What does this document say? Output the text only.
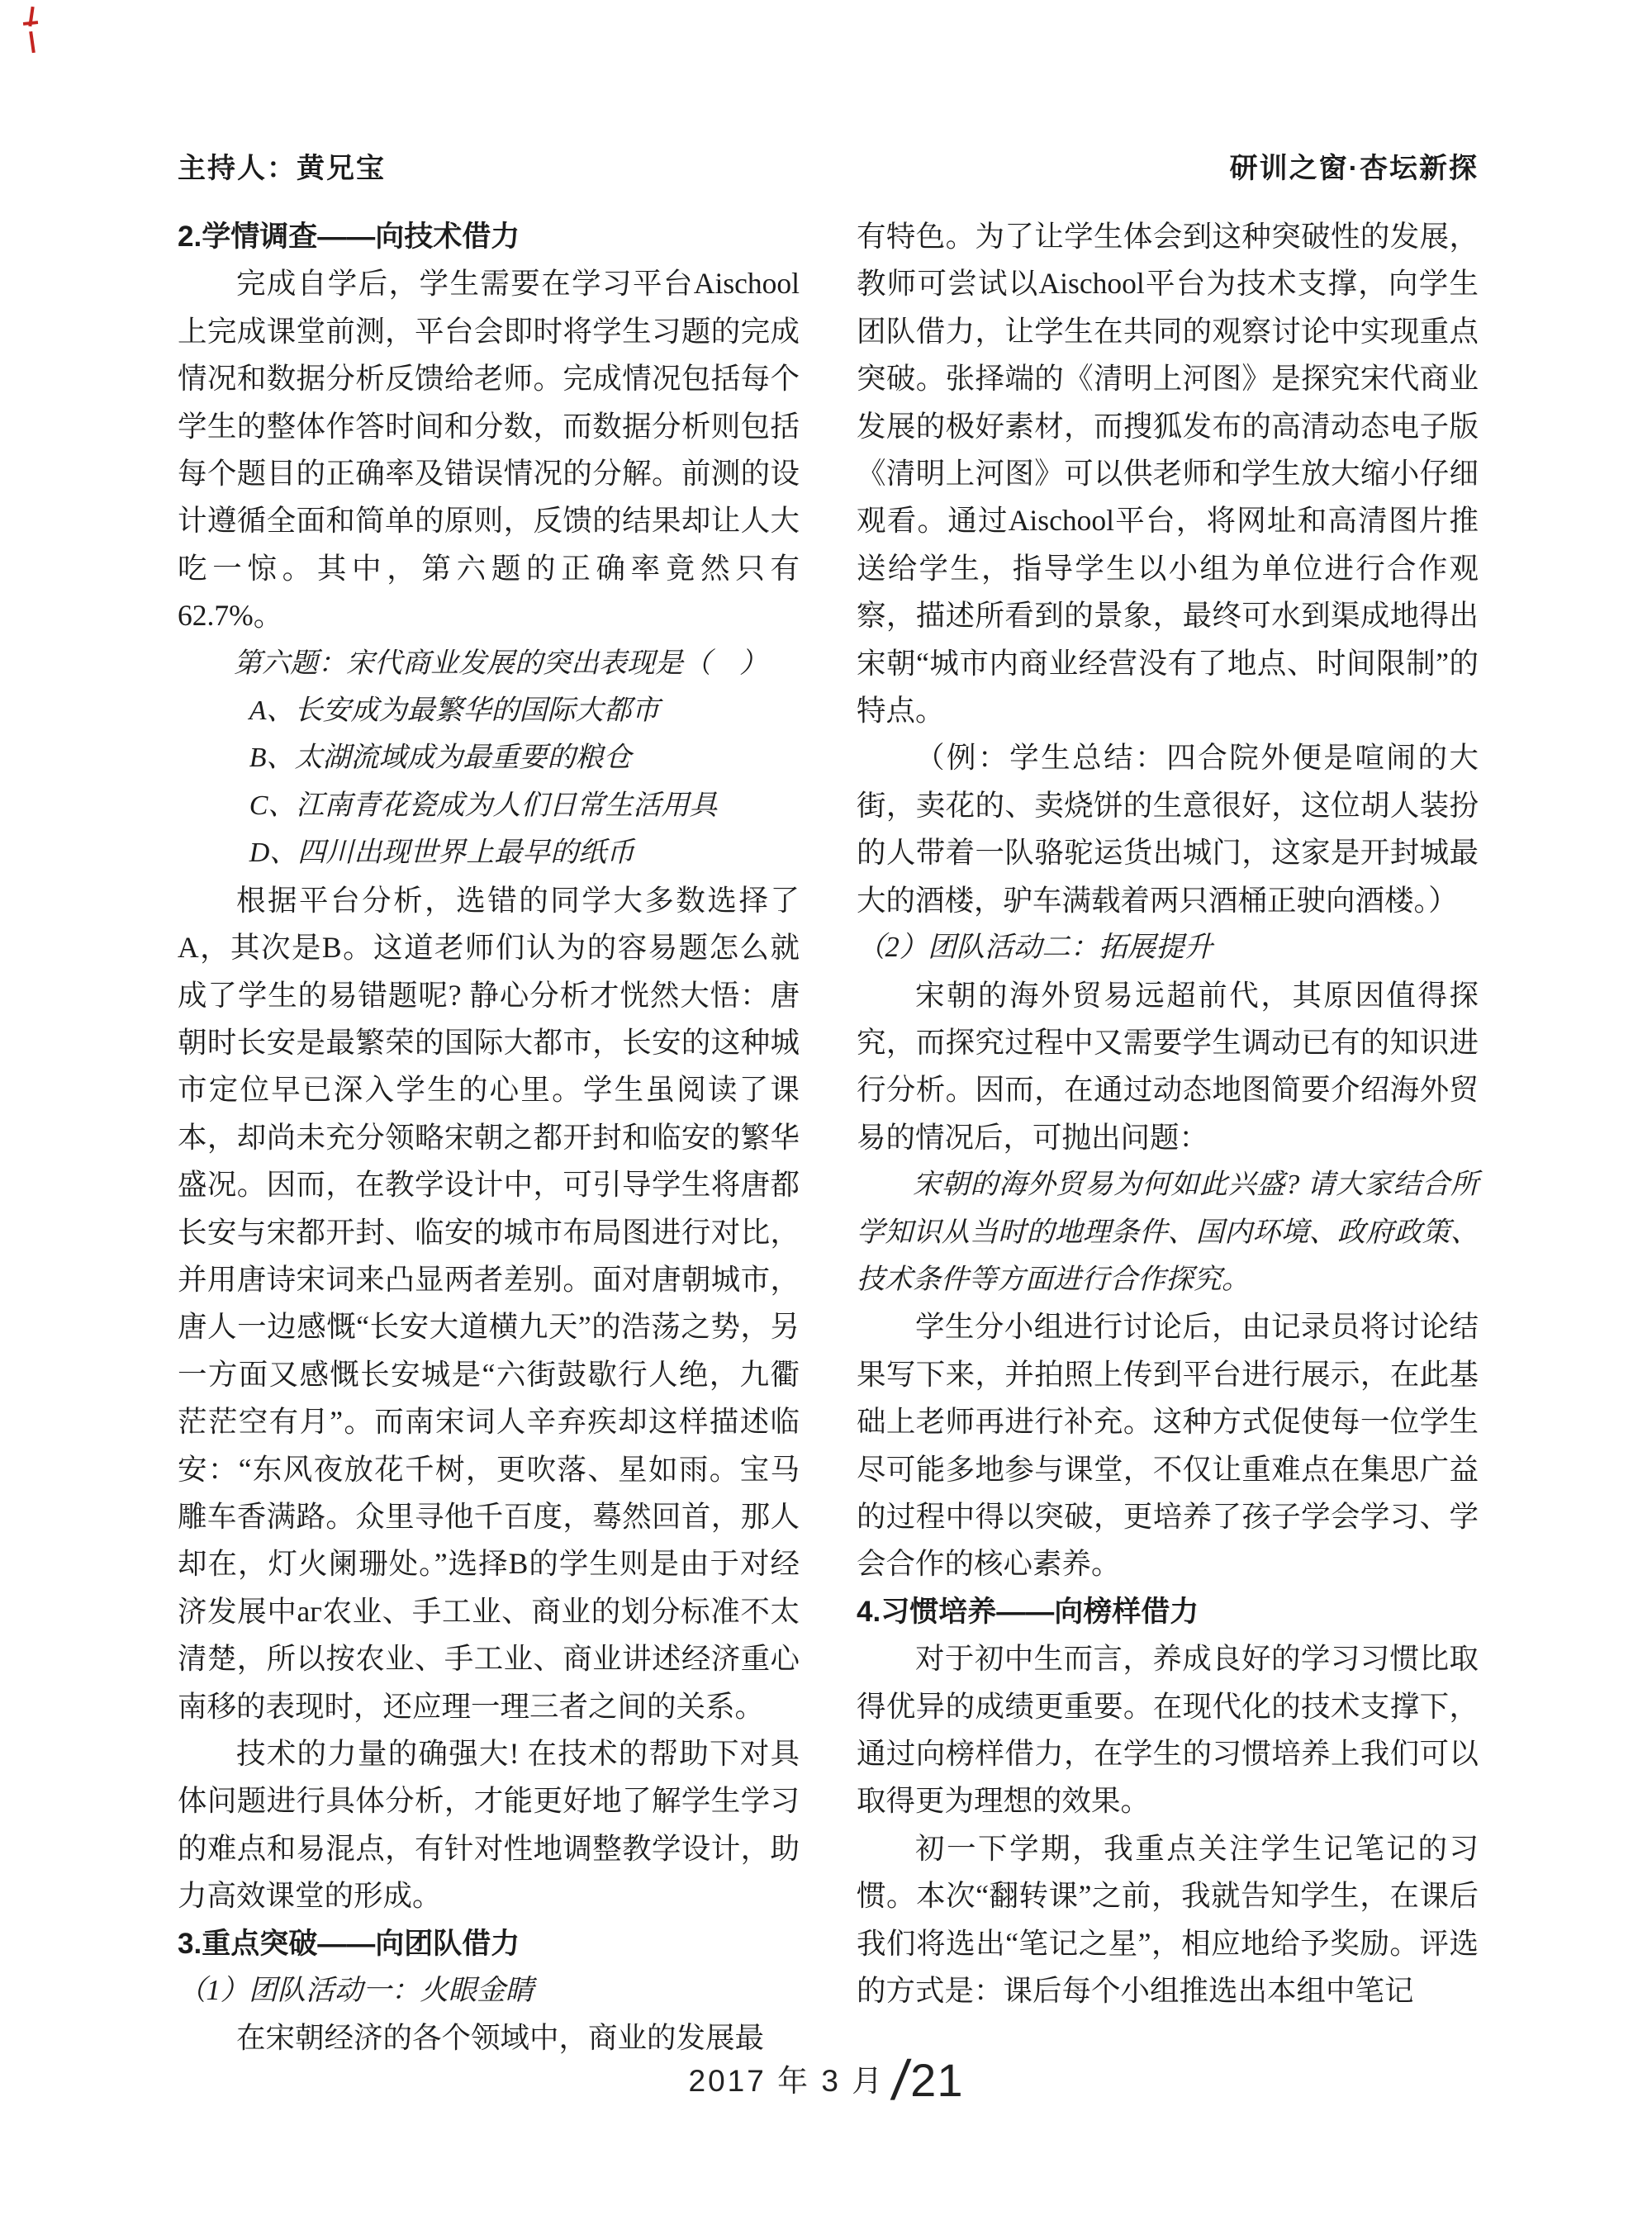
主持人：黄兄宝	研训之窗·杏坛新探

2.学情调查——向技术借力

完成自学后，学生需要在学习平台Aischool上完成课堂前测，平台会即时将学生习题的完成情况和数据分析反馈给老师。完成情况包括每个学生的整体作答时间和分数，而数据分析则包括每个题目的正确率及错误情况的分解。前测的设计遵循全面和简单的原则，反馈的结果却让人大吃一惊。其中，第六题的正确率竟然只有62.7%。

第六题：宋代商业发展的突出表现是（　）

A、长安成为最繁华的国际大都市

B、太湖流域成为最重要的粮仓

C、江南青花瓷成为人们日常生活用具

D、四川出现世界上最早的纸币

根据平台分析，选错的同学大多数选择了A，其次是B。这道老师们认为的容易题怎么就成了学生的易错题呢? 静心分析才恍然大悟：唐朝时长安是最繁荣的国际大都市，长安的这种城市定位早已深入学生的心里。学生虽阅读了课本，却尚未充分领略宋朝之都开封和临安的繁华盛况。因而，在教学设计中，可引导学生将唐都长安与宋都开封、临安的城市布局图进行对比，并用唐诗宋词来凸显两者差别。面对唐朝城市，唐人一边感慨“长安大道横九天”的浩荡之势，另一方面又感慨长安城是“六街鼓歇行人绝，九衢茫茫空有月”。而南宋词人辛弃疾却这样描述临安：“东风夜放花千树，更吹落、星如雨。宝马雕车香满路。众里寻他千百度，蓦然回首，那人却在，灯火阑珊处。”选择B的学生则是由于对经济发展中аг农业、手工业、商业的划分标准不太清楚，所以按农业、手工业、商业讲述经济重心南移的表现时，还应理一理三者之间的关系。

技术的力量的确强大! 在技术的帮助下对具体问题进行具体分析，才能更好地了解学生学习的难点和易混点，有针对性地调整教学设计，助力高效课堂的形成。

3.重点突破——向团队借力

（1）团队活动一：火眼金睛

在宋朝经济的各个领域中，商业的发展最

有特色。为了让学生体会到这种突破性的发展，教师可尝试以Aischool平台为技术支撑，向学生团队借力，让学生在共同的观察讨论中实现重点突破。张择端的《清明上河图》是探究宋代商业发展的极好素材，而搜狐发布的高清动态电子版《清明上河图》可以供老师和学生放大缩小仔细观看。通过Aischool平台，将网址和高清图片推送给学生，指导学生以小组为单位进行合作观察，描述所看到的景象，最终可水到渠成地得出宋朝“城市内商业经营没有了地点、时间限制”的特点。

（例：学生总结：四合院外便是喧闹的大街，卖花的、卖烧饼的生意很好，这位胡人装扮的人带着一队骆驼运货出城门，这家是开封城最大的酒楼，驴车满载着两只酒桶正驶向酒楼。）

（2）团队活动二：拓展提升

宋朝的海外贸易远超前代，其原因值得探究，而探究过程中又需要学生调动已有的知识进行分析。因而，在通过动态地图简要介绍海外贸易的情况后，可抛出问题：

宋朝的海外贸易为何如此兴盛? 请大家结合所学知识从当时的地理条件、国内环境、政府政策、技术条件等方面进行合作探究。

学生分小组进行讨论后，由记录员将讨论结果写下来，并拍照上传到平台进行展示，在此基础上老师再进行补充。这种方式促使每一位学生尽可能多地参与课堂，不仅让重难点在集思广益的过程中得以突破，更培养了孩子学会学习、学会合作的核心素养。

4.习惯培养——向榜样借力

对于初中生而言，养成良好的学习习惯比取得优异的成绩更重要。在现代化的技术支撑下，通过向榜样借力，在学生的习惯培养上我们可以取得更为理想的效果。

初一下学期，我重点关注学生记笔记的习惯。本次“翻转课”之前，我就告知学生，在课后我们将选出“笔记之星”，相应地给予奖励。评选的方式是：课后每个小组推选出本组中笔记

2017 年 3 月/21
